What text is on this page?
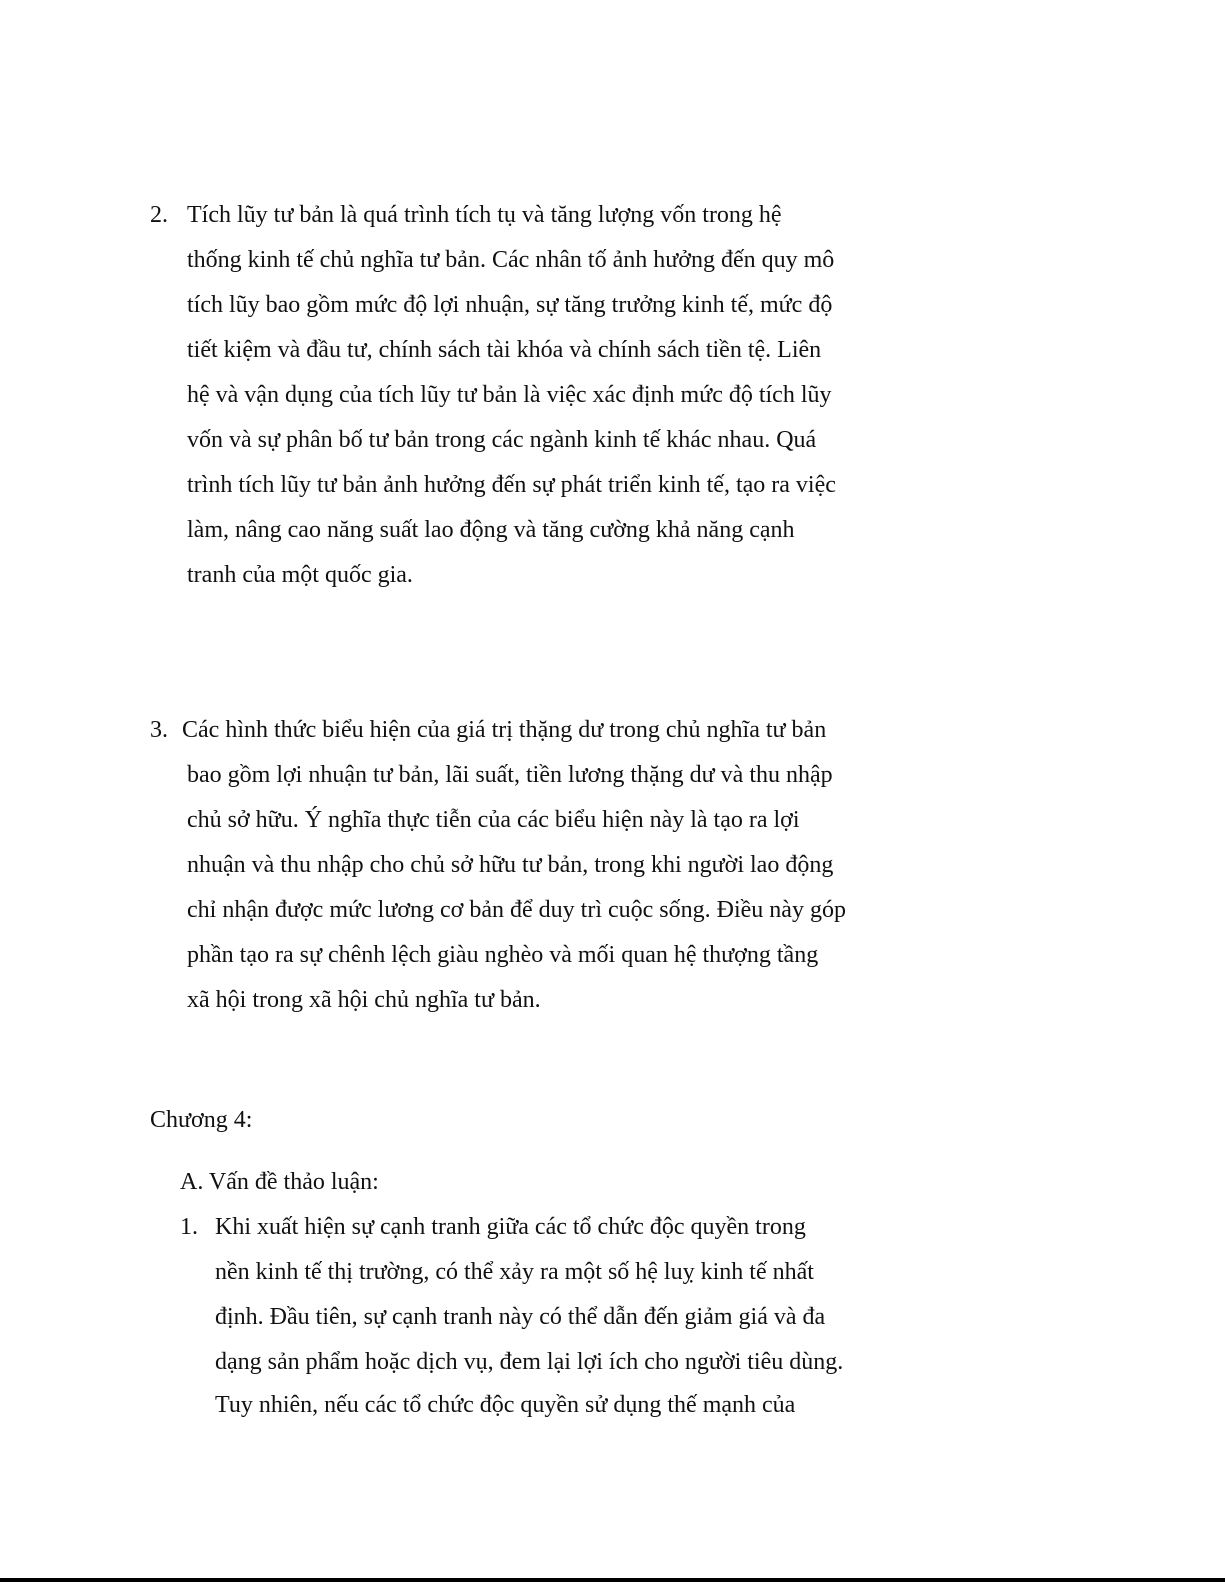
2. Tích lũy tư bản là quá trình tích tụ và tăng lượng vốn trong hệ
thống kinh tế chủ nghĩa tư bản. Các nhân tố ảnh hưởng đến quy mô
tích lũy bao gồm mức độ lợi nhuận, sự tăng trưởng kinh tế, mức độ
tiết kiệm và đầu tư, chính sách tài khóa và chính sách tiền tệ. Liên
hệ và vận dụng của tích lũy tư bản là việc xác định mức độ tích lũy
vốn và sự phân bố tư bản trong các ngành kinh tế khác nhau. Quá
trình tích lũy tư bản ảnh hưởng đến sự phát triển kinh tế, tạo ra việc
làm, nâng cao năng suất lao động và tăng cường khả năng cạnh
tranh của một quốc gia.
3. Các hình thức biểu hiện của giá trị thặng dư trong chủ nghĩa tư bản
bao gồm lợi nhuận tư bản, lãi suất, tiền lương thặng dư và thu nhập
chủ sở hữu. Ý nghĩa thực tiễn của các biểu hiện này là tạo ra lợi
nhuận và thu nhập cho chủ sở hữu tư bản, trong khi người lao động
chỉ nhận được mức lương cơ bản để duy trì cuộc sống. Điều này góp
phần tạo ra sự chênh lệch giàu nghèo và mối quan hệ thượng tầng
xã hội trong xã hội chủ nghĩa tư bản.
Chương 4:
A. Vấn đề thảo luận:
1. Khi xuất hiện sự cạnh tranh giữa các tổ chức độc quyền trong
nền kinh tế thị trường, có thể xảy ra một số hệ luỵ kinh tế nhất
định. Đầu tiên, sự cạnh tranh này có thể dẫn đến giảm giá và đa
dạng sản phẩm hoặc dịch vụ, đem lại lợi ích cho người tiêu dùng.
Tuy nhiên, nếu các tổ chức độc quyền sử dụng thế mạnh của
